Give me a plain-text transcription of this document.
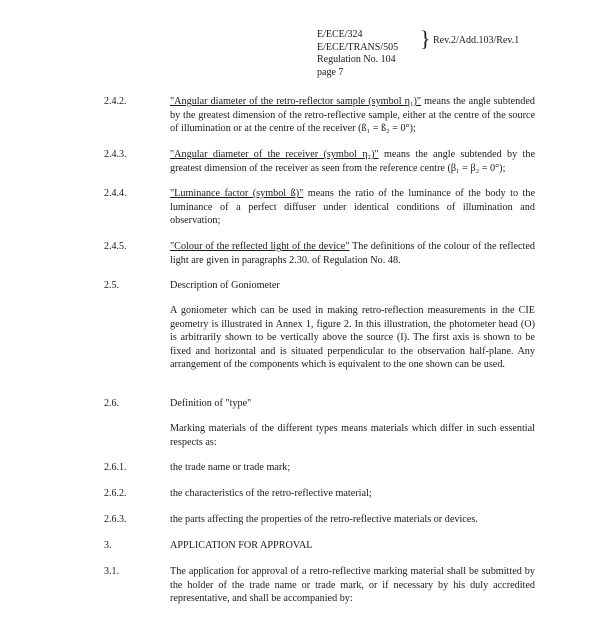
E/ECE/324
E/ECE/TRANS/505
Regulation No. 104
page 7
} Rev.2/Add.103/Rev.1
2.4.2.	"Angular diameter of the retro-reflector sample (symbol η₁)" means the angle subtended by the greatest dimension of the retro-reflective sample, either at the centre of the source of illumination or at the centre of the receiver (ß₁ = ß₂ = 0°);
2.4.3.	"Angular diameter of the receiver (symbol η₂)" means the angle subtended by the greatest dimension of the receiver as seen from the reference centre (β₁ = β₂ = 0°);
2.4.4.	"Luminance factor (symbol ß)" means the ratio of the luminance of the body to the luminance of a perfect diffuser under identical conditions of illumination and observation;
2.4.5.	"Colour of the reflected light of the device" The definitions of the colour of the reflected light are given in paragraphs 2.30. of Regulation No. 48.
2.5.	Description of Goniometer
A goniometer which can be used in making retro-reflection measurements in the CIE geometry is illustrated in Annex 1, figure 2. In this illustration, the photometer head (O) is arbitrarily shown to be vertically above the source (I). The first axis is shown to be fixed and horizontal and is situated perpendicular to the observation half-plane. Any arrangement of the components which is equivalent to the one shown can be used.
2.6.	Definition of "type"
Marking materials of the different types means materials which differ in such essential respects as:
2.6.1.	the trade name or trade mark;
2.6.2.	the characteristics of the retro-reflective material;
2.6.3.	the parts affecting the properties of the retro-reflective materials or devices.
3.	APPLICATION FOR APPROVAL
3.1.	The application for approval of a retro-reflective marking material shall be submitted by the holder of the trade name or trade mark, or if necessary by his duly accredited representative, and shall be accompanied by:
